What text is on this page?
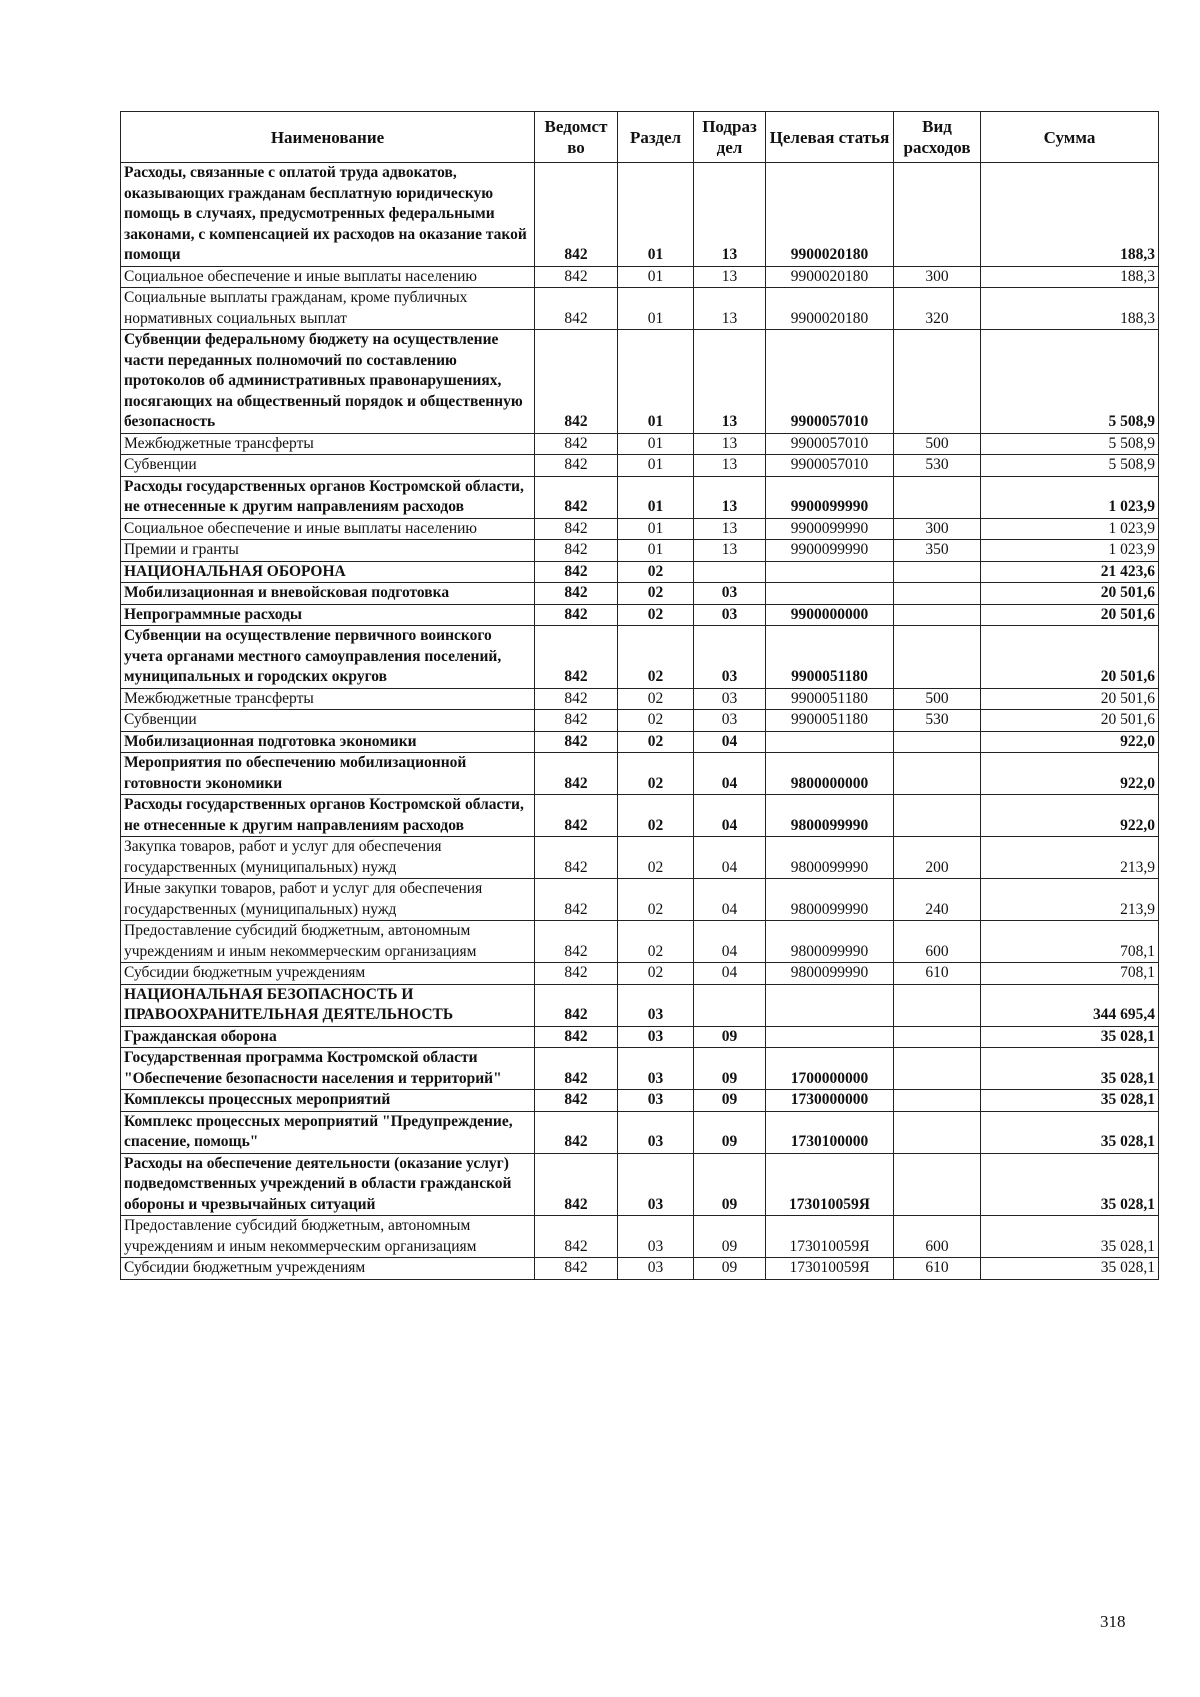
Наименование	Ведомст во	Раздел	Подраз дел	Целевая статья	Вид расходов	Сумма
Расходы, связанные с оплатой труда адвокатов, оказывающих гражданам бесплатную юридическую помощь в случаях, предусмотренных федеральными законами, с компенсацией их расходов на оказание такой помощи	842	01	13	9900020180		188,3
Социальное обеспечение и иные выплаты населению	842	01	13	9900020180	300	188,3
Социальные выплаты гражданам, кроме публичных нормативных социальных выплат	842	01	13	9900020180	320	188,3
Субвенции федеральному бюджету на осуществление части переданных полномочий по составлению протоколов об административных правонарушениях, посягающих на общественный порядок и общественную безопасность	842	01	13	9900057010		5 508,9
Межбюджетные трансферты	842	01	13	9900057010	500	5 508,9
Субвенции	842	01	13	9900057010	530	5 508,9
Расходы государственных органов Костромской области, не отнесенные к другим направлениям расходов	842	01	13	9900099990		1 023,9
Социальное обеспечение и иные выплаты населению	842	01	13	9900099990	300	1 023,9
Премии и гранты	842	01	13	9900099990	350	1 023,9
НАЦИОНАЛЬНАЯ ОБОРОНА	842	02				21 423,6
Мобилизационная и вневойсковая подготовка	842	02	03			20 501,6
Непрограммные расходы	842	02	03	9900000000		20 501,6
Субвенции на осуществление первичного воинского учета органами местного самоуправления поселений, муниципальных и городских округов	842	02	03	9900051180		20 501,6
Межбюджетные трансферты	842	02	03	9900051180	500	20 501,6
Субвенции	842	02	03	9900051180	530	20 501,6
Мобилизационная подготовка экономики	842	02	04			922,0
Мероприятия по обеспечению мобилизационной готовности экономики	842	02	04	9800000000		922,0
Расходы государственных органов Костромской области, не отнесенные к другим направлениям расходов	842	02	04	9800099990		922,0
Закупка товаров, работ и услуг для обеспечения государственных (муниципальных) нужд	842	02	04	9800099990	200	213,9
Иные закупки товаров, работ и услуг для обеспечения государственных (муниципальных) нужд	842	02	04	9800099990	240	213,9
Предоставление субсидий бюджетным, автономным учреждениям и иным некоммерческим организациям	842	02	04	9800099990	600	708,1
Субсидии бюджетным учреждениям	842	02	04	9800099990	610	708,1
НАЦИОНАЛЬНАЯ БЕЗОПАСНОСТЬ И ПРАВООХРАНИТЕЛЬНАЯ ДЕЯТЕЛЬНОСТЬ	842	03				344 695,4
Гражданская оборона	842	03	09			35 028,1
Государственная программа Костромской области "Обеспечение безопасности населения и территорий"	842	03	09	1700000000		35 028,1
Комплексы процессных мероприятий	842	03	09	1730000000		35 028,1
Комплекс процессных мероприятий "Предупреждение, спасение, помощь"	842	03	09	1730100000		35 028,1
Расходы на обеспечение деятельности (оказание услуг) подведомственных учреждений в области гражданской обороны и чрезвычайных ситуаций	842	03	09	173010059Я		35 028,1
Предоставление субсидий бюджетным, автономным учреждениям и иным некоммерческим организациям	842	03	09	173010059Я	600	35 028,1
Субсидии бюджетным учреждениям	842	03	09	173010059Я	610	35 028,1
318
